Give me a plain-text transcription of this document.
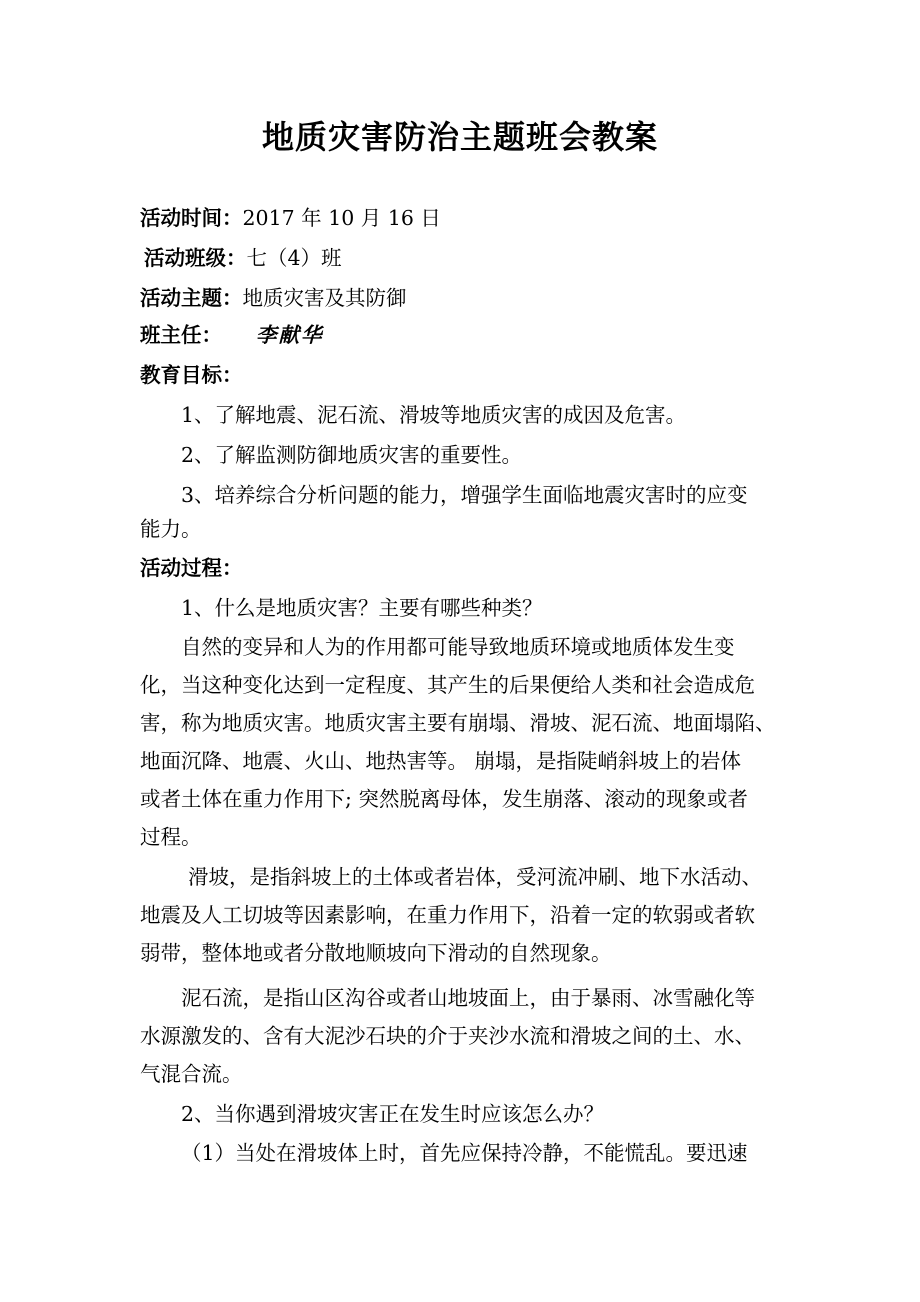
地质灾害防治主题班会教案
活动时间：2017 年 10 月 16 日
活动班级：七（4）班
活动主题：地质灾害及其防御
班主任： 李献华
教育目标：
1、了解地震、泥石流、滑坡等地质灾害的成因及危害。
2、了解监测防御地质灾害的重要性。
3、培养综合分析问题的能力，增强学生面临地震灾害时的应变
能力。
活动过程：
1、什么是地质灾害？主要有哪些种类？
自然的变异和人为的作用都可能导致地质环境或地质体发生变
化，当这种变化达到一定程度、其产生的后果便给人类和社会造成危
害，称为地质灾害。地质灾害主要有崩塌、滑坡、泥石流、地面塌陷、
地面沉降、地震、火山、地热害等。 崩塌，是指陡峭斜坡上的岩体
或者土体在重力作用下; 突然脱离母体，发生崩落、滚动的现象或者
过程。
滑坡，是指斜坡上的土体或者岩体，受河流冲刷、地下水活动、
地震及人工切坡等因素影响，在重力作用下，沿着一定的软弱或者软
弱带，整体地或者分散地顺坡向下滑动的自然现象。
泥石流，是指山区沟谷或者山地坡面上，由于暴雨、冰雪融化等
水源激发的、含有大泥沙石块的介于夹沙水流和滑坡之间的土、水、
气混合流。
2、当你遇到滑坡灾害正在发生时应该怎么办？
（1）当处在滑坡体上时，首先应保持冷静，不能慌乱。要迅速
